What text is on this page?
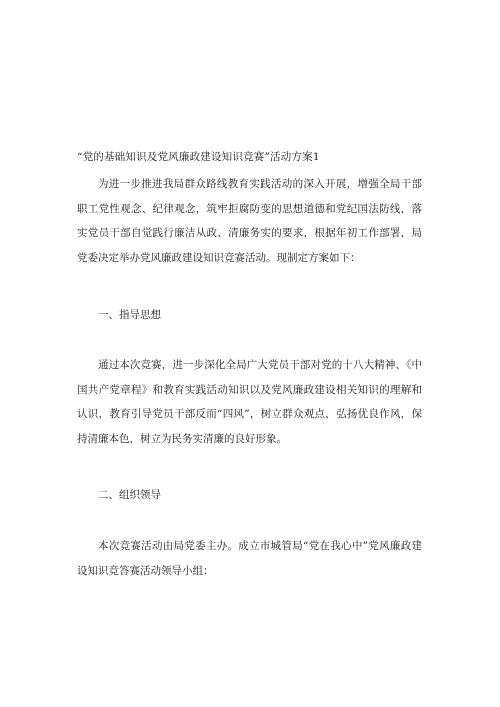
“党的基础知识及党风廉政建设知识竞赛”活动方案1

为进一步推进我局群众路线教育实践活动的深入开展，增强全局干部职工党性观念、纪律观念，筑牢拒腐防变的思想道德和党纪国法防线，落实党员干部自觉践行廉洁从政、清廉务实的要求，根据年初工作部署，局党委决定举办党风廉政建设知识竞赛活动。现制定方案如下：

一、指导思想

通过本次竞赛，进一步深化全局广大党员干部对党的十八大精神、《中国共产党章程》和教育实践活动知识以及党风廉政建设相关知识的理解和认识，教育引导党员干部反而“四风”，树立群众观点，弘扬优良作风，保持清廉本色，树立为民务实清廉的良好形象。

二、组织领导

本次竞赛活动由局党委主办。成立市城管局“党在我心中”党风廉政建设知识竞答赛活动领导小组：
